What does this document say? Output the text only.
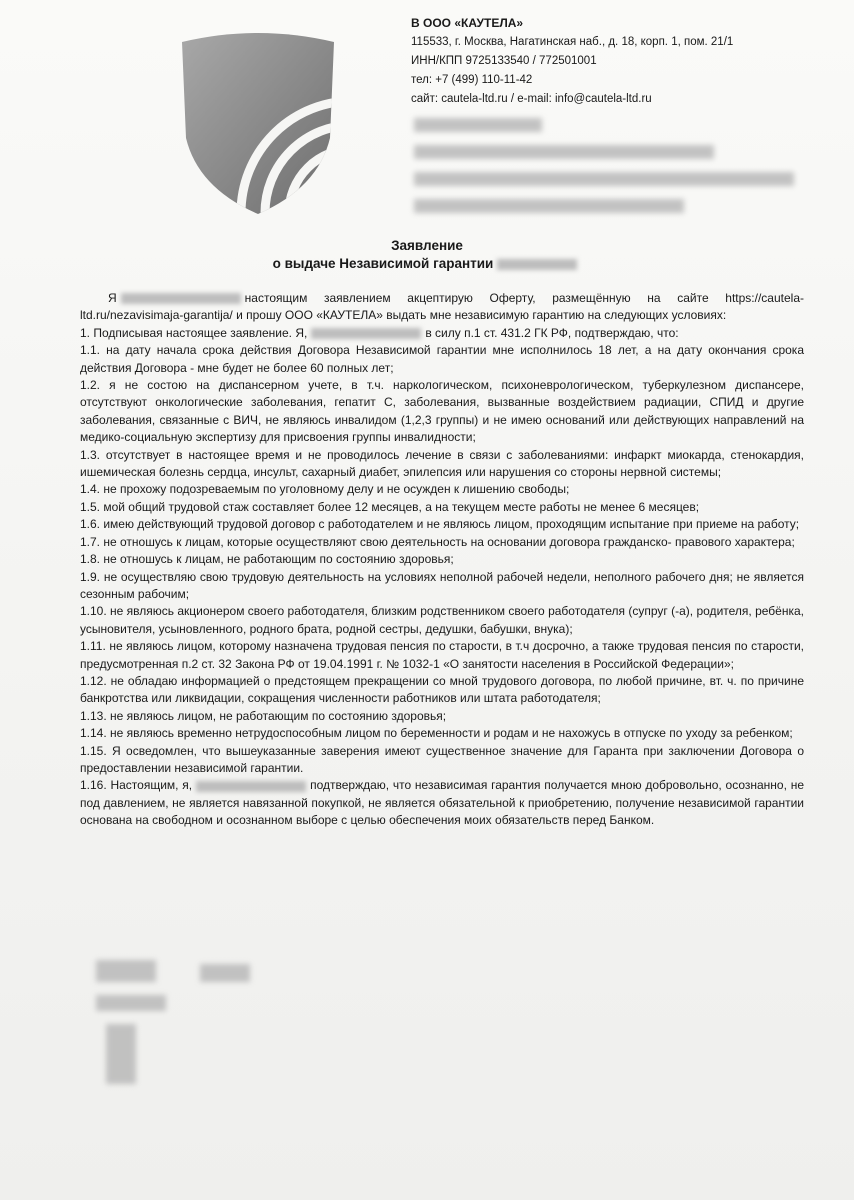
В ООО «КАУТЕЛА»
115533, г. Москва, Нагатинская наб., д. 18, корп. 1, пом. 21/1
ИНН/КПП 9725133540 / 772501001
тел: +7 (499) 110-11-42
сайт: cautela-ltd.ru / e-mail: info@cautela-ltd.ru

Заявление
о выдаче Независимой гарантии

Я	настоящим заявлением акцептирую Оферту, размещённую на сайте https://cautela-ltd.ru/nezavisimaja-garantija/ и прошу ООО «КАУТЕЛА» выдать мне независимую гарантию на следующих условиях:

1. Подписывая настоящее заявление. Я,	в силу п.1 ст. 431.2 ГК РФ, подтверждаю, что:

1.1. на дату начала срока действия Договора Независимой гарантии мне исполнилось 18 лет, а на дату окончания срока действия Договора - мне будет не более 60 полных лет;

1.2. я не состою на диспансерном учете, в т.ч. наркологическом, психоневрологическом, туберкулезном диспансере, отсутствуют онкологические заболевания, гепатит С, заболевания, вызванные воздействием радиации, СПИД и другие заболевания, связанные с ВИЧ, не являюсь инвалидом (1,2,3 группы) и не имею оснований или действующих направлений на медико-социальную экспертизу для присвоения группы инвалидности;

1.3. отсутствует в настоящее время и не проводилось лечение в связи с заболеваниями: инфаркт миокарда, стенокардия, ишемическая болезнь сердца, инсульт, сахарный диабет, эпилепсия или нарушения со стороны нервной системы;

1.4. не прохожу подозреваемым по уголовному делу и не осужден к лишению свободы;

1.5. мой общий трудовой стаж составляет более 12 месяцев, а на текущем месте работы не менее 6 месяцев;

1.6. имею действующий трудовой договор с работодателем и не являюсь лицом, проходящим испытание при приеме на работу;

1.7. не отношусь к лицам, которые осуществляют свою деятельность на основании договора гражданско- правового характера;

1.8. не отношусь к лицам, не работающим по состоянию здоровья;

1.9. не осуществляю свою трудовую деятельность на условиях неполной рабочей недели, неполного рабочего дня; не является сезонным рабочим;

1.10. не являюсь акционером своего работодателя, близким родственником своего работодателя (супруг (-а), родителя, ребёнка, усыновителя, усыновленного, родного брата, родной сестры, дедушки, бабушки, внука);

1.11. не являюсь лицом, которому назначена трудовая пенсия по старости, в т.ч досрочно, а также трудовая пенсия по старости, предусмотренная п.2 ст. 32 Закона РФ от 19.04.1991 г. № 1032-1 «О занятости населения в Российской Федерации»;

1.12. не обладаю информацией о предстоящем прекращении со мной трудового договора, по любой причине, вт. ч. по причине банкротства или ликвидации, сокращения численности работников или штата работодателя;

1.13. не являюсь лицом, не работающим по состоянию здоровья;

1.14. не являюсь временно нетрудоспособным лицом по беременности и родам и не нахожусь в отпуске по уходу за ребенком;

1.15. Я осведомлен, что вышеуказанные заверения имеют существенное значение для Гаранта при заключении Договора о предоставлении независимой гарантии.

1.16. Настоящим, я,	подтверждаю, что независимая гарантия получается мною добровольно, осознанно, не под давлением, не является навязанной покупкой, не является обязательной к приобретению, получение независимой гарантии основана на свободном и осознанном выборе с целью обеспечения моих обязательств перед Банком.
